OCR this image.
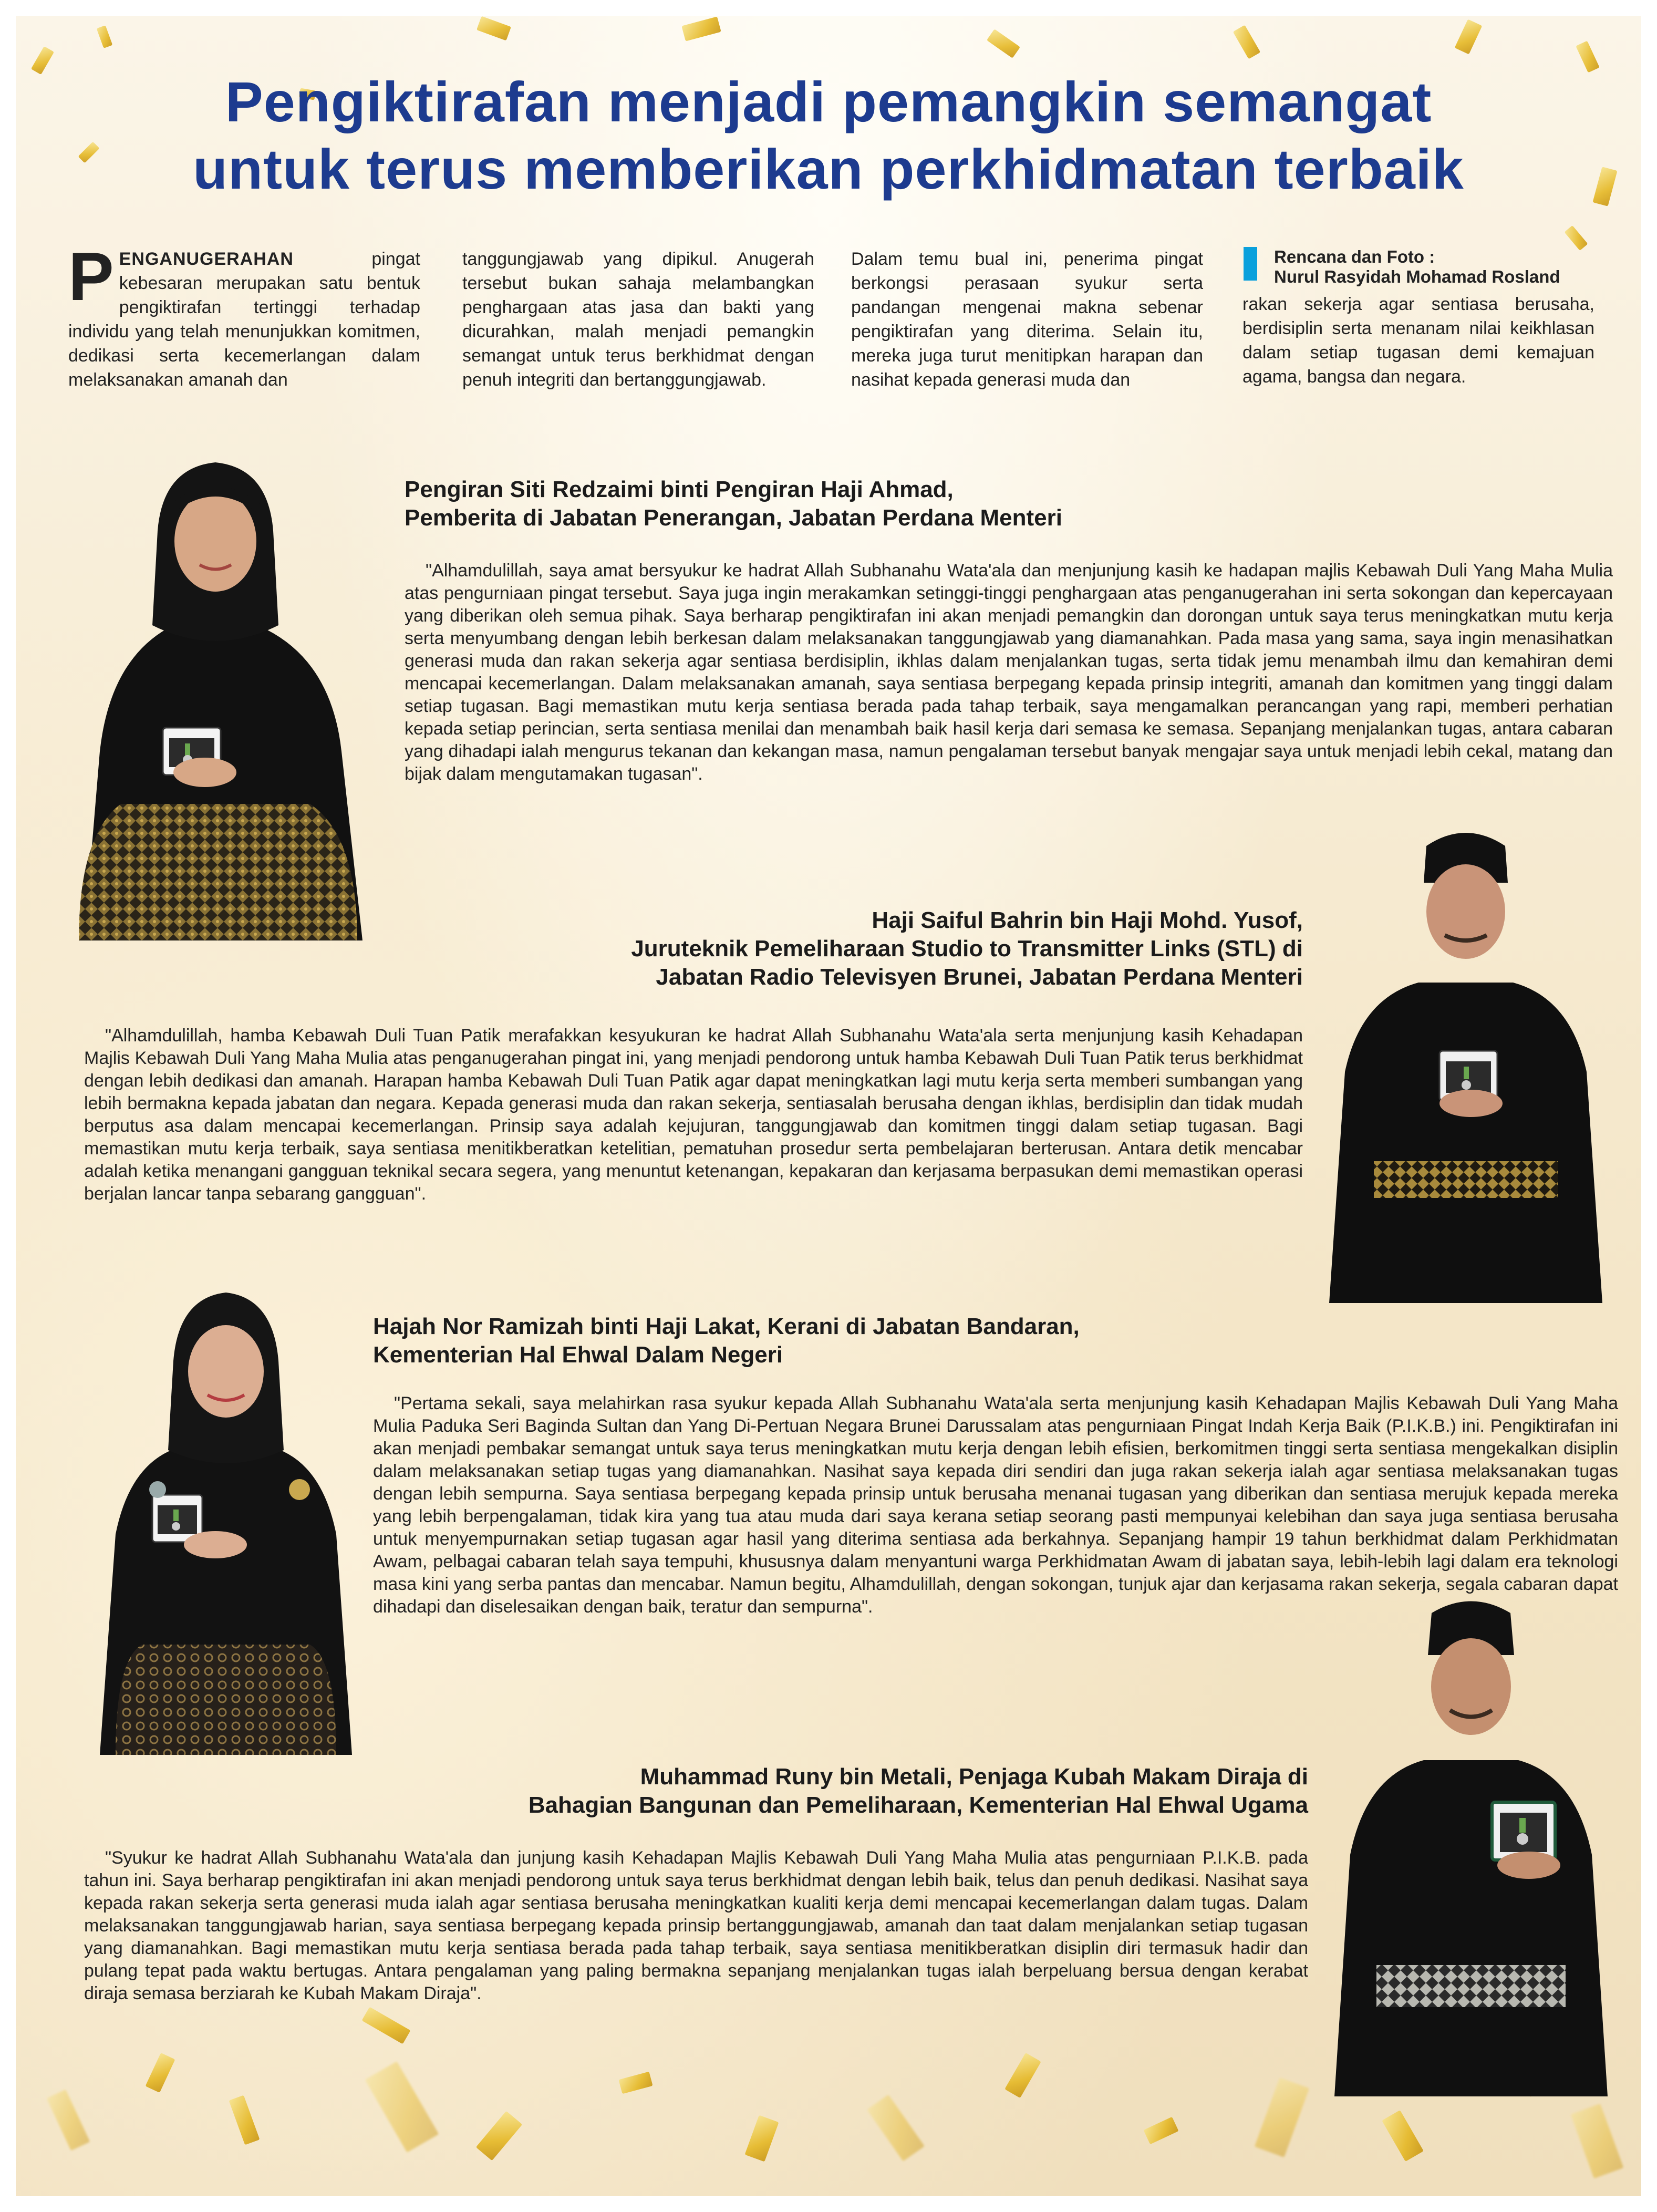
Pengiktirafan menjadi pemangkin semangat
untuk terus memberikan perkhidmatan terbaik
PENGANUGERAHAN	pingat kebesaran merupakan satu bentuk pengiktirafan tertinggi terhadap individu yang telah menunjukkan komitmen, dedikasi serta kecemerlangan dalam melaksanakan amanah dan
tanggungjawab yang dipikul. Anugerah tersebut bukan sahaja melambangkan penghargaan atas jasa dan bakti yang dicurahkan, malah menjadi pemangkin semangat untuk terus berkhidmat dengan penuh integriti dan bertanggungjawab.
Dalam temu bual ini, penerima pingat berkongsi perasaan syukur serta pandangan mengenai makna sebenar pengiktirafan yang diterima. Selain itu, mereka juga turut menitipkan harapan dan nasihat kepada generasi muda dan
Rencana dan Foto :
Nurul Rasyidah Mohamad Rosland
rakan sekerja agar sentiasa berusaha, berdisiplin serta menanam nilai keikhlasan dalam setiap tugasan demi kemajuan agama, bangsa dan negara.
Pengiran Siti Redzaimi binti Pengiran Haji Ahmad,
Pemberita di Jabatan Penerangan, Jabatan Perdana Menteri

"Alhamdulillah, saya amat bersyukur ke hadrat Allah Subhanahu Wata'ala dan menjunjung kasih ke hadapan majlis Kebawah Duli Yang Maha Mulia atas pengurniaan pingat tersebut. Saya juga ingin merakamkan setinggi-tinggi penghargaan atas penganugerahan ini serta sokongan dan kepercayaan yang diberikan oleh semua pihak. Saya berharap pengiktirafan ini akan menjadi pemangkin dan dorongan untuk saya terus meningkatkan mutu kerja serta menyumbang dengan lebih berkesan dalam melaksanakan tanggungjawab yang diamanahkan. Pada masa yang sama, saya ingin menasihatkan generasi muda dan rakan sekerja agar sentiasa berdisiplin, ikhlas dalam menjalankan tugas, serta tidak jemu menambah ilmu dan kemahiran demi mencapai kecemerlangan. Dalam melaksanakan amanah, saya sentiasa berpegang kepada prinsip integriti, amanah dan komitmen yang tinggi dalam setiap tugasan. Bagi memastikan mutu kerja sentiasa berada pada tahap terbaik, saya mengamalkan perancangan yang rapi, memberi perhatian kepada setiap perincian, serta sentiasa menilai dan menambah baik hasil kerja dari semasa ke semasa. Sepanjang menjalankan tugas, antara cabaran yang dihadapi ialah mengurus tekanan dan kekangan masa, namun pengalaman tersebut banyak mengajar saya untuk menjadi lebih cekal, matang dan bijak dalam mengutamakan tugasan".

Haji Saiful Bahrin bin Haji Mohd. Yusof,
Juruteknik Pemeliharaan Studio to Transmitter Links (STL) di
Jabatan Radio Televisyen Brunei, Jabatan Perdana Menteri

"Alhamdulillah, hamba Kebawah Duli Tuan Patik merafakkan kesyukuran ke hadrat Allah Subhanahu Wata'ala serta menjunjung kasih Kehadapan Majlis Kebawah Duli Yang Maha Mulia atas penganugerahan pingat ini, yang menjadi pendorong untuk hamba Kebawah Duli Tuan Patik terus berkhidmat dengan lebih dedikasi dan amanah. Harapan hamba Kebawah Duli Tuan Patik agar dapat meningkatkan lagi mutu kerja serta memberi sumbangan yang lebih bermakna kepada jabatan dan negara. Kepada generasi muda dan rakan sekerja, sentiasalah berusaha dengan ikhlas, berdisiplin dan tidak mudah berputus asa dalam mencapai kecemerlangan. Prinsip saya adalah kejujuran, tanggungjawab dan komitmen tinggi dalam setiap tugasan. Bagi memastikan mutu kerja terbaik, saya sentiasa menitikberatkan ketelitian, pematuhan prosedur serta pembelajaran berterusan. Antara detik mencabar adalah ketika menangani gangguan teknikal secara segera, yang menuntut ketenangan, kepakaran dan kerjasama berpasukan demi memastikan operasi berjalan lancar tanpa sebarang gangguan".

Hajah Nor Ramizah binti Haji Lakat, Kerani di Jabatan Bandaran,
Kementerian Hal Ehwal Dalam Negeri

"Pertama sekali, saya melahirkan rasa syukur kepada Allah Subhanahu Wata'ala serta menjunjung kasih Kehadapan Majlis Kebawah Duli Yang Maha Mulia Paduka Seri Baginda Sultan dan Yang Di-Pertuan Negara Brunei Darussalam atas pengurniaan Pingat Indah Kerja Baik (P.I.K.B.) ini. Pengiktirafan ini akan menjadi pembakar semangat untuk saya terus meningkatkan mutu kerja dengan lebih efisien, berkomitmen tinggi serta sentiasa mengekalkan disiplin dalam melaksanakan setiap tugas yang diamanahkan. Nasihat saya kepada diri sendiri dan juga rakan sekerja ialah agar sentiasa melaksanakan tugas dengan lebih sempurna. Saya sentiasa berpegang kepada prinsip untuk berusaha menanai tugasan yang diberikan dan sentiasa merujuk kepada mereka yang lebih berpengalaman, tidak kira yang tua atau muda dari saya kerana setiap seorang pasti mempunyai kelebihan dan saya juga sentiasa berusaha untuk menyempurnakan setiap tugasan agar hasil yang diterima sentiasa ada berkahnya. Sepanjang hampir 19 tahun berkhidmat dalam Perkhidmatan Awam, pelbagai cabaran telah saya tempuhi, khususnya dalam menyantuni warga Perkhidmatan Awam di jabatan saya, lebih-lebih lagi dalam era teknologi masa kini yang serba pantas dan mencabar. Namun begitu, Alhamdulillah, dengan sokongan, tunjuk ajar dan kerjasama rakan sekerja, segala cabaran dapat dihadapi dan diselesaikan dengan baik, teratur dan sempurna".

Muhammad Runy bin Metali, Penjaga Kubah Makam Diraja di
Bahagian Bangunan dan Pemeliharaan, Kementerian Hal Ehwal Ugama

"Syukur ke hadrat Allah Subhanahu Wata'ala dan junjung kasih Kehadapan Majlis Kebawah Duli Yang Maha Mulia atas pengurniaan P.I.K.B. pada tahun ini. Saya berharap pengiktirafan ini akan menjadi pendorong untuk saya terus berkhidmat dengan lebih baik, telus dan penuh dedikasi. Nasihat saya kepada rakan sekerja serta generasi muda ialah agar sentiasa berusaha meningkatkan kualiti kerja demi mencapai kecemerlangan dalam tugas. Dalam melaksanakan tanggungjawab harian, saya sentiasa berpegang kepada prinsip bertanggungjawab, amanah dan taat dalam menjalankan setiap tugasan yang diamanahkan. Bagi memastikan mutu kerja sentiasa berada pada tahap terbaik, saya sentiasa menitikberatkan disiplin diri termasuk hadir dan pulang tepat pada waktu bertugas. Antara pengalaman yang paling bermakna sepanjang menjalankan tugas ialah berpeluang bersua dengan kerabat diraja semasa berziarah ke Kubah Makam Diraja".
